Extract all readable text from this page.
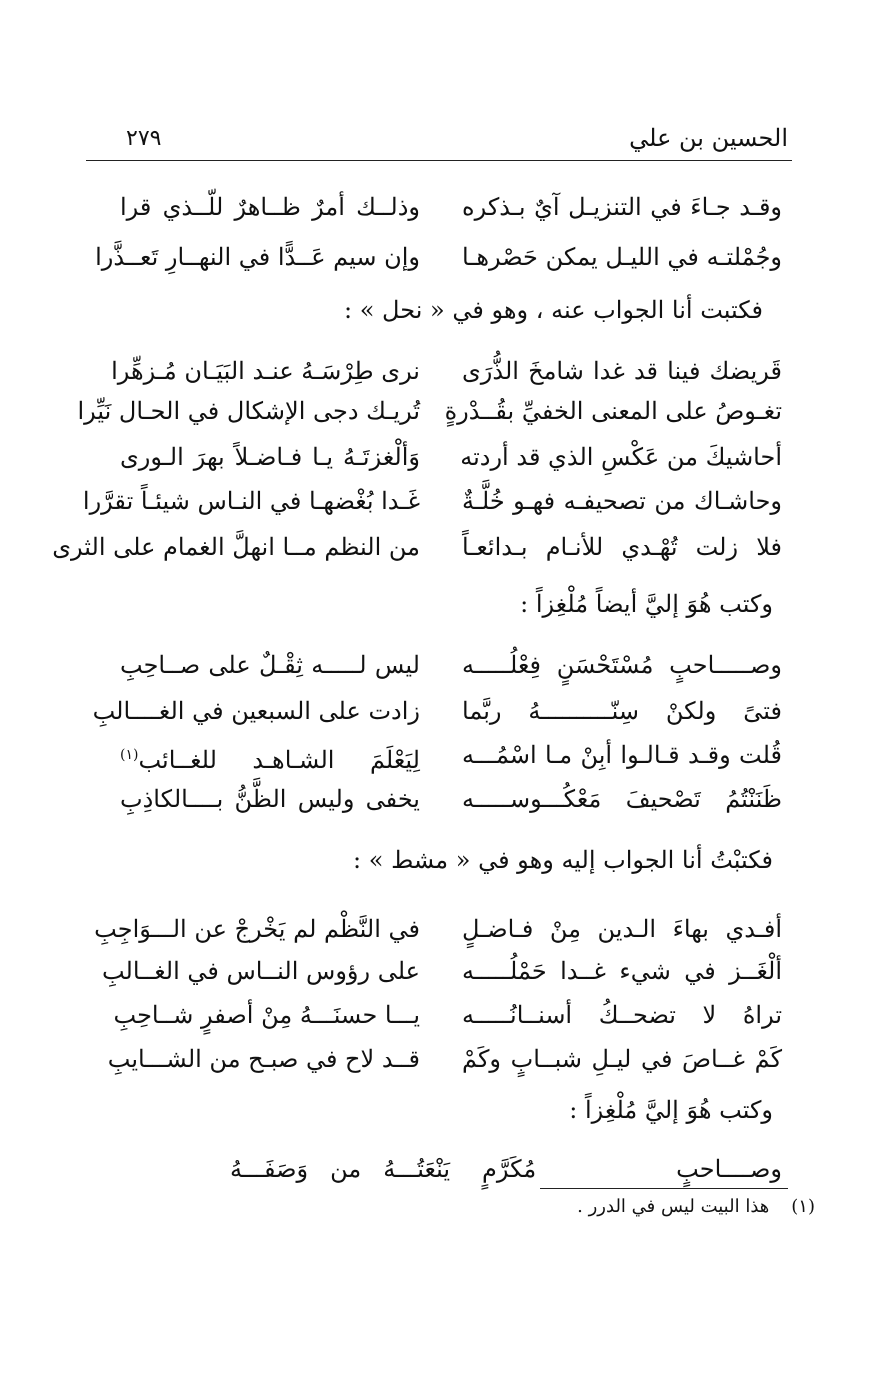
الحسين بن علي
٢٧٩
وقـد جـاءَ في التنزيـل آيٌ بـذكره
وذلــك أمرٌ ظــاهرٌ للّــذي قرا
وجُمْلتـه في الليـل يمكن حَصْرهـا
وإن سيم عَــدًّا في النهــارِ تَعــذَّرا
فكتبت أنا الجواب عنه ، وهو في « نحل » :
قَريضك فينا قد غدا شامخَ الذُّرَى
نرى طِرْسَـهُ عنـد البَيَـان مُـزهِّرا
تغـوصُ على المعنى الخفيِّ بقُــدْرةٍ
تُريـك دجى الإشكال في الحـال نَيِّرا
أحاشيكَ من عَكْسِ الذي قد أردته
وَألْغزتَـهُ يـا فـاضـلاً بهرَ الـورى
وحاشـاك من تصحيفـه فهـو خُلَّـةٌ
غَـدا بُغْضهـا في النـاس شيئـاً تقرَّرا
فلا زلت تُهْـدي للأنـام بـدائعـاً
من النظم مــا انهلَّ الغمام على الثرى
وكتب هُوَ إليَّ أيضاً مُلْغِزاً :
وصـــــاحبٍ مُسْتَحْسَنٍ فِعْلُـــــه
ليس لـــــه ثِقْـلٌ على صــاحِبِ
فتىً ولكنْ سِنّــــــــــهُ ربَّما
زادت على السبعين في الغــــالبِ
قُلت وقـد قـالـوا أبِنْ مـا اسْمُـــه
لِيَعْلَمَ الشـاهـد للغــائب$^{(١)}$
ظَنَنْتُمُ تَصْحيفَ مَعْكُـــوســـــه
يخفى وليس الظَّنُّ بــــالكاذِبِ
فكتبْتُ أنا الجواب إليه وهو في « مشط » :
أفـدي بهاءَ الـدين مِنْ فـاضـلٍ
في النَّظْم لم يَخْرجْ عن الـــوَاجِبِ
ألْغَــز في شيء غــدا حَمْلُـــــه
على رؤوس النــاس في الغــالبِ
تراهُ لا تضحــكُ أسنــانُـــــه
يـــا حسنَـــهُ مِنْ أصفرٍ شــاحِبِ
كَمْ غــاصَ في ليـلِ شبــابٍ وكَمْ
قــد لاح في صبـح من الشـــايبِ
وكتب هُوَ إليَّ مُلْغِزاً :
وصــــاحبٍ مُكَرَّمٍ
يَنْعَتُـــهُ من وَصَفَـــهُ
(١)هذا البيت ليس في الدرر .
